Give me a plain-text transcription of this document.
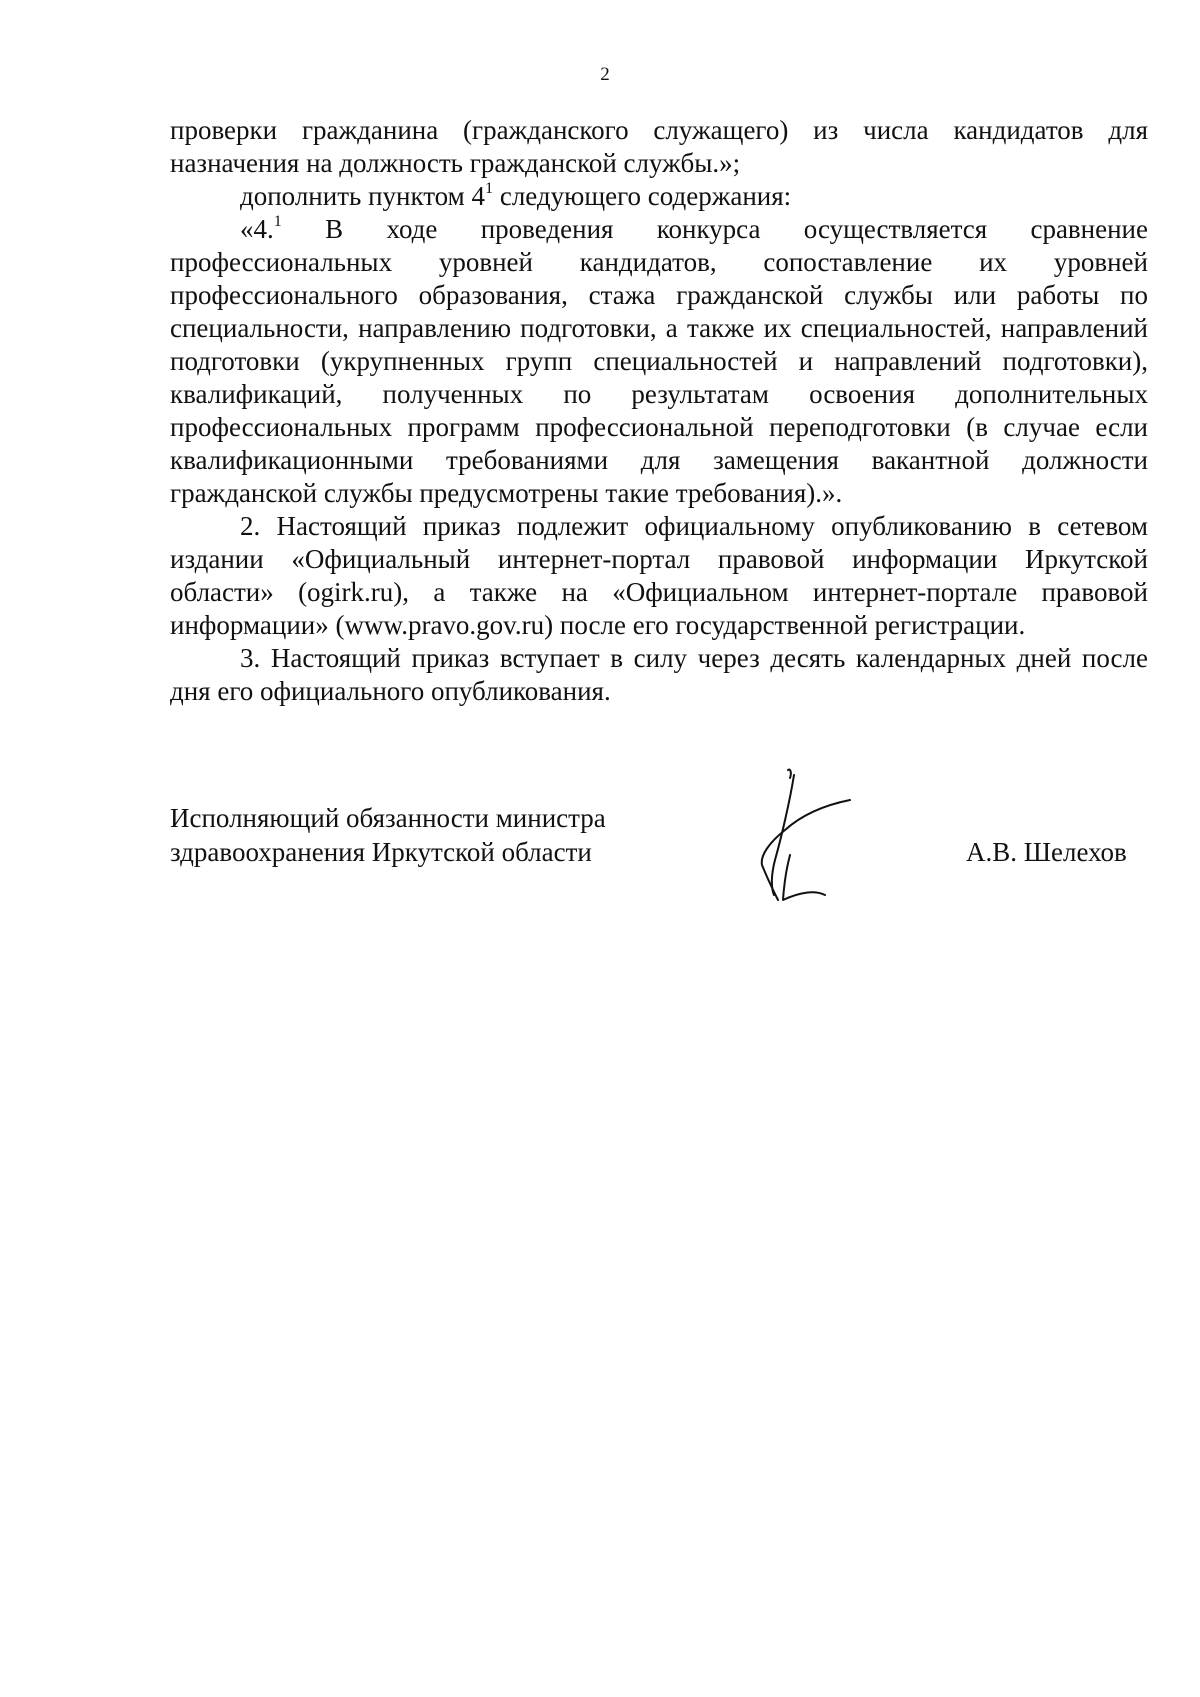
2

проверки гражданина (гражданского служащего) из числа кандидатов для назначения на должность гражданской службы.»;

дополнить пунктом $4^1$ следующего содержания:

«4.$^1$ В ходе проведения конкурса осуществляется сравнение профессиональных уровней кандидатов, сопоставление их уровней профессионального образования, стажа гражданской службы или работы по специальности, направлению подготовки, а также их специальностей, направлений подготовки (укрупненных групп специальностей и направлений подготовки), квалификаций, полученных по результатам освоения дополнительных профессиональных программ профессиональной переподготовки (в случае если квалификационными требованиями для замещения вакантной должности гражданской службы предусмотрены такие требования).».

2. Настоящий приказ подлежит официальному опубликованию в сетевом издании «Официальный интернет-портал правовой информации Иркутской области» (ogirk.ru), а также на «Официальном интернет-портале правовой информации» (www.pravo.gov.ru) после его государственной регистрации.

3. Настоящий приказ вступает в силу через десять календарных дней после дня его официального опубликования.

Исполняющий обязанности министра
здравоохранения Иркутской области	А.В. Шелехов
